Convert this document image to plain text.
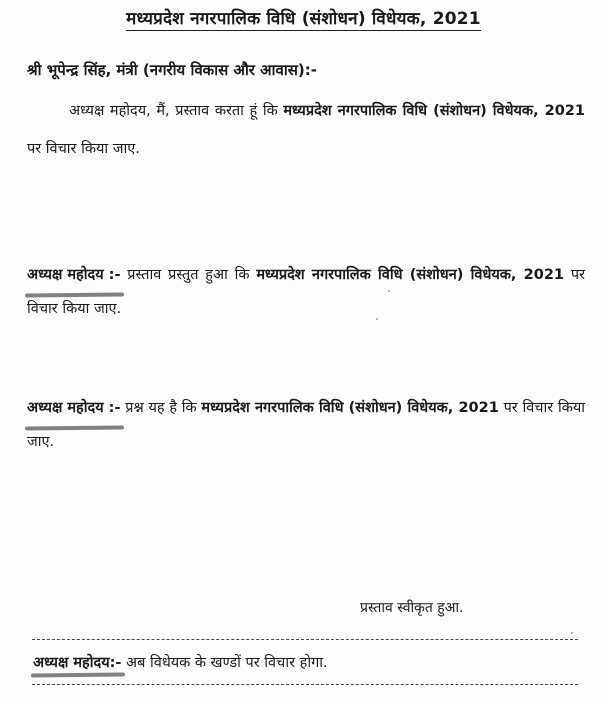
मध्यप्रदेश नगरपालिक विधि (संशोधन) विधेयक, 2021
श्री भूपेन्द्र सिंह, मंत्री (नगरीय विकास और आवास):-
अध्यक्ष महोदय, मैं, प्रस्ताव करता हूं कि मध्यप्रदेश नगरपालिक विधि (संशोधन) विधेयक, 2021 पर विचार किया जाए.
अध्यक्ष महोदय :-
प्रस्ताव प्रस्तुत हुआ कि मध्यप्रदेश नगरपालिक विधि (संशोधन) विधेयक, 2021 पर विचार किया जाए.
अध्यक्ष महोदय :-
प्रश्न यह है कि मध्यप्रदेश नगरपालिक विधि (संशोधन) विधेयक, 2021 पर विचार किया जाए.
प्रस्ताव स्वीकृत हुआ.
अध्यक्ष महोदय:-
अब विधेयक के खण्डों पर विचार होगा.
